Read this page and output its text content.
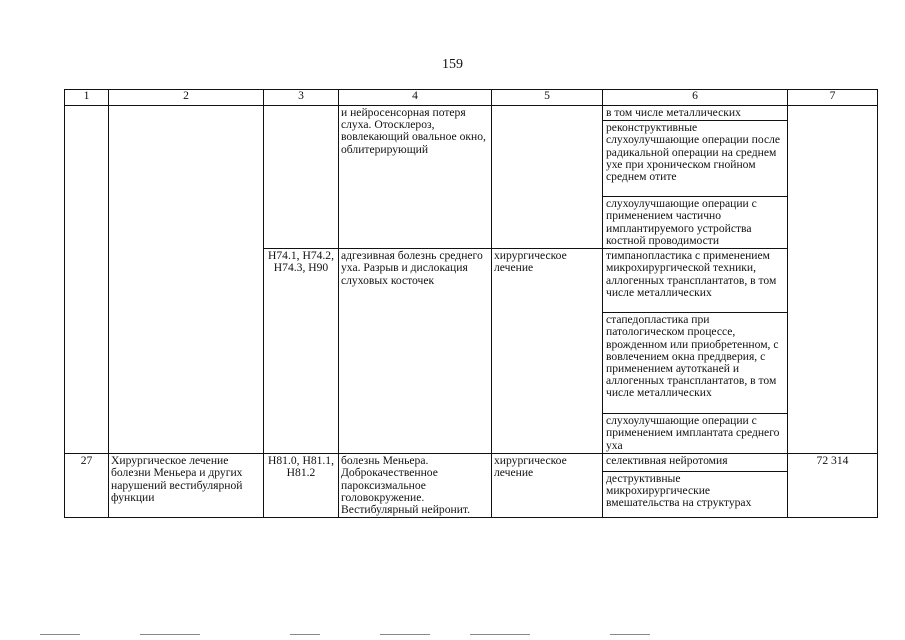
159
1	2	3	4	5	6	7
			и нейросенсорная потеря слуха. Отосклероз, вовлекающий овальное окно, облитерирующий		в том числе металлических	
					реконструктивные слухоулучшающие операции после радикальной операции на среднем ухе при хроническом гнойном среднем отите	
					слухоулучшающие операции с применением частично имплантируемого устройства костной проводимости	
		H74.1, H74.2, H74.3, H90	адгезивная болезнь среднего уха. Разрыв и дислокация слуховых косточек	хирургическое лечение	тимпанопластика с применением микрохирургической техники, аллогенных трансплантатов, в том числе металлических	
					стапедопластика при патологическом процессе, врожденном или приобретенном, с вовлечением окна преддверия, с применением аутотканей и аллогенных трансплантатов, в том числе металлических	
					слухоулучшающие операции с применением имплантата среднего уха	
27	Хирургическое лечение болезни Меньера и других нарушений вестибулярной функции	H81.0, H81.1, H81.2	болезнь Меньера. Доброкачественное пароксизмальное головокружение. Вестибулярный нейронит.	хирургическое лечение	селективная нейротомия	72 314
					деструктивные микрохирургические вмешательства на структурах	
